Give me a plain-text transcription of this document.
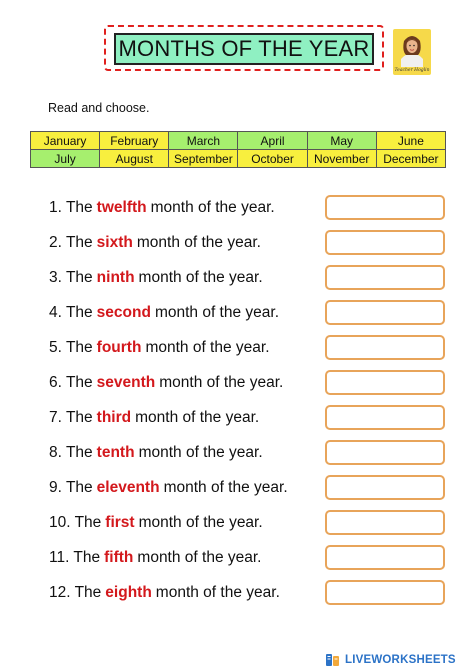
MONTHS OF THE YEAR
Teacher Hoglin
Read and choose.
January	February	March	April	May	June
July	August	September	October	November	December
1. The twelfth month of the year.
2. The sixth month of the year.
3. The ninth month of the year.
4. The second month of the year.
5. The fourth month of the year.
6. The seventh month of the year.
7. The third month of the year.
8. The tenth month of the year.
9. The eleventh month of the year.
10. The first month of the year.
11. The fifth month of the year.
12. The eighth month of the year.
LIVEWORKSHEETS
